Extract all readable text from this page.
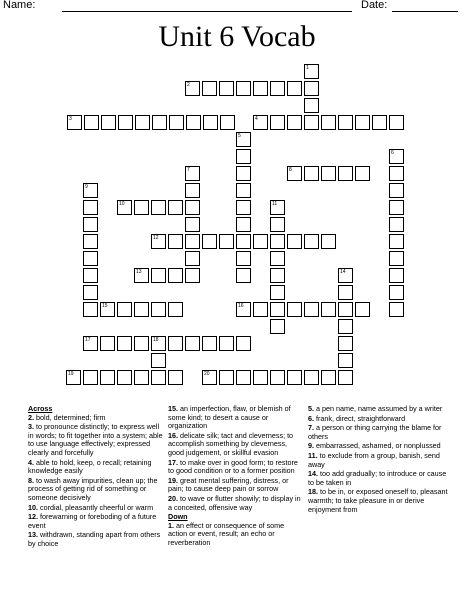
Name:	Date:
Unit 6 Vocab
2
3	4
8
10
12
13
15	16
17	18
19	20
1
5
6
7
9
11
14
Across
2. bold, determined; firm
3. to pronounce distinctly; to express well in words; to fit together into a system; able to use language effectively; expressed clearly and forcefully
4. able to hold, keep, o recall; retaining knowledge easily
8. to wash away impurities, clean up; the process of getting rid of something or someone decisively
10. cordial, pleasantly cheerful or warm
12. forewarning or foreboding of a future event
13. withdrawn, standing apart from others by choice
15. an imperfection, flaw, or blemish of some kind; to desert a cause or organization
16. delicate silk; tact and cleverness; to accomplish something by cleverness, good judgement, or skillful evasion
17. to make over in good form; to restore to good condition or to a former position
19. great mental suffering, distress, or pain; to cause deep pain or sorrow
20. to wave or flutter showily; to display in a conceited, offensive way
Down
1. an effect or consequence of some action or event, result; an echo or reverberation
5. a pen name, name assumed by a writer
6. frank, direct, straightforward
7. a person or thing carrying the blame for others
9. embarrassed, ashamed, or nonplussed
11. to exclude from a group, banish, send away
14. too add gradually; to introduce or cause to be taken in
18. to be in, or exposed oneself to, pleasant warmth; to take pleasure in or derive enjoyment from
